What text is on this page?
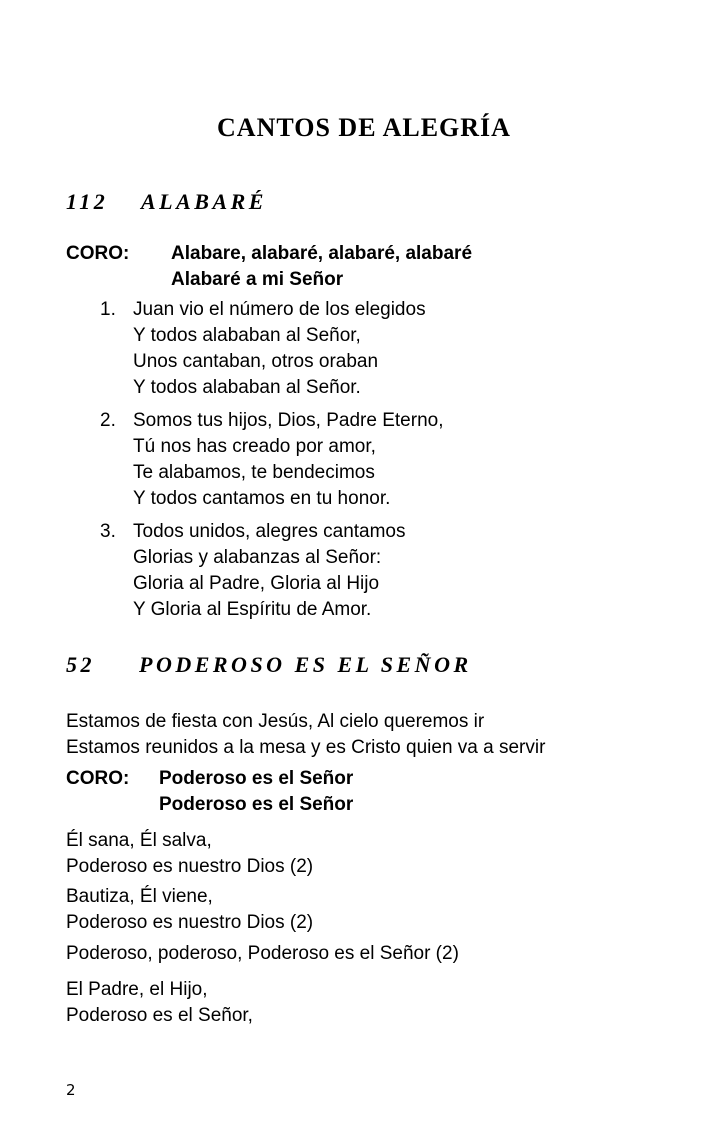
CANTOS DE ALEGRÍA
112 ALABARÉ
CORO: Alabare, alabaré, alabaré, alabaré
Alabaré a mi Señor
1. Juan vio el número de los elegidos
Y todos alababan al Señor,
Unos cantaban, otros oraban
Y todos alababan al Señor.
2. Somos tus hijos, Dios, Padre Eterno,
Tú nos has creado por amor,
Te alabamos, te bendecimos
Y todos cantamos en tu honor.
3. Todos unidos, alegres cantamos
Glorias y alabanzas al Señor:
Gloria al Padre, Gloria al Hijo
Y Gloria al Espíritu de Amor.
52 PODEROSO ES EL SEÑOR
Estamos de fiesta con Jesús, Al cielo queremos ir
Estamos reunidos a la mesa y es Cristo quien va a servir
CORO: Poderoso es el Señor
Poderoso es el Señor
Él sana, Él salva,
Poderoso es nuestro Dios (2)
Bautiza, Él viene,
Poderoso es nuestro Dios (2)
Poderoso, poderoso, Poderoso es el Señor (2)
El Padre, el Hijo,
Poderoso es el Señor,
2
